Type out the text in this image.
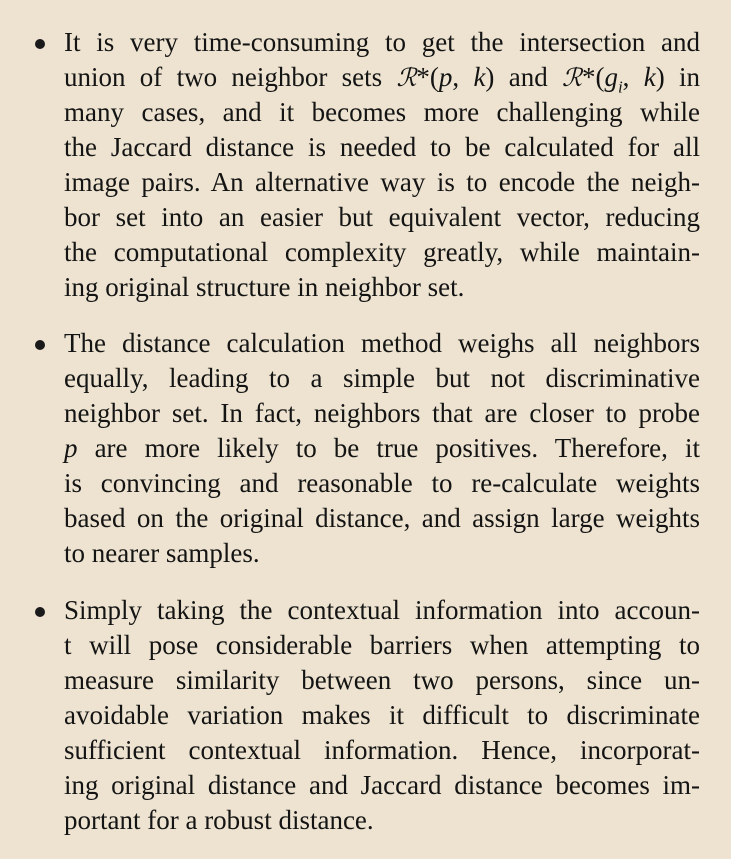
It is very time-consuming to get the intersection and
union of two neighbor sets ℛ*(p, k) and $ℛ*(g_i$, k) in
many cases, and it becomes more challenging while
the Jaccard distance is needed to be calculated for all
image pairs. An alternative way is to encode the neigh-
bor set into an easier but equivalent vector, reducing
the computational complexity greatly, while maintain-
ing original structure in neighbor set.
The distance calculation method weighs all neighbors
equally, leading to a simple but not discriminative
neighbor set. In fact, neighbors that are closer to probe
p are more likely to be true positives. Therefore, it
is convincing and reasonable to re-calculate weights
based on the original distance, and assign large weights
to nearer samples.
Simply taking the contextual information into accoun-
t will pose considerable barriers when attempting to
measure similarity between two persons, since un-
avoidable variation makes it difficult to discriminate
sufficient contextual information. Hence, incorporat-
ing original distance and Jaccard distance becomes im-
portant for a robust distance.
